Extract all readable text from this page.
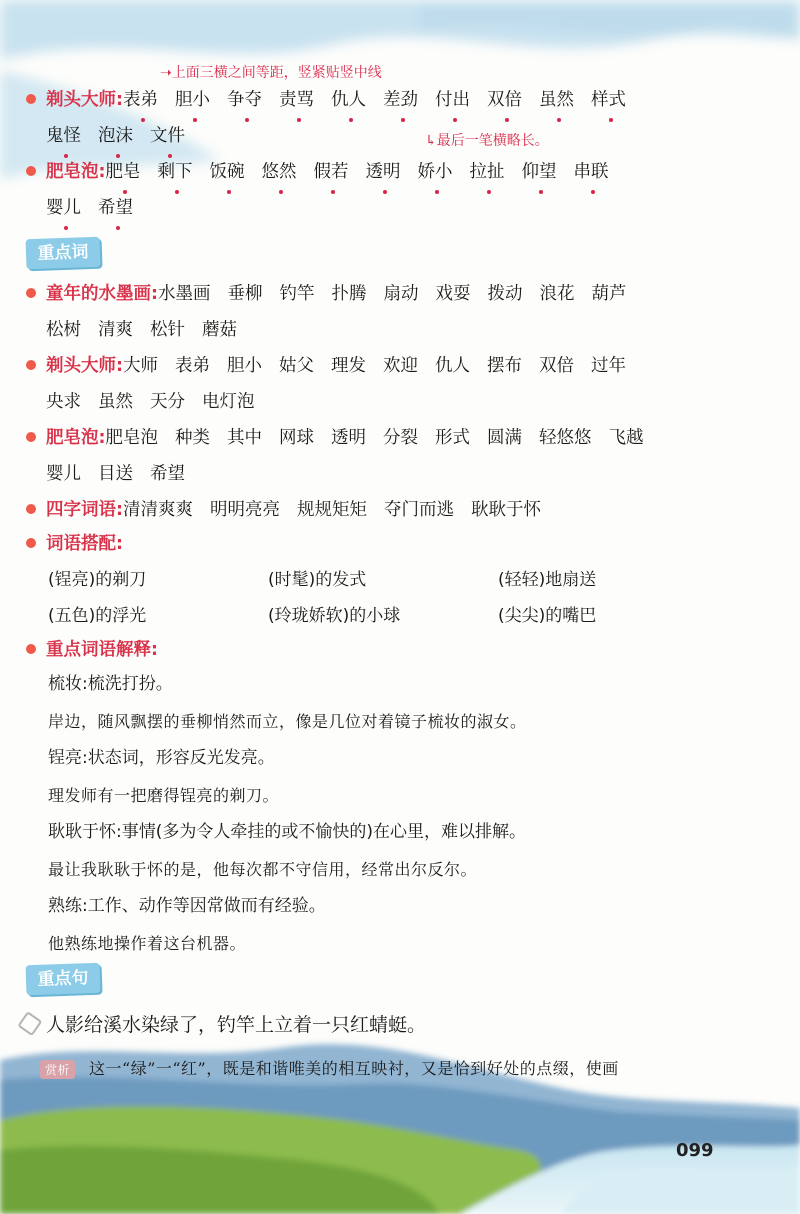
➝上面三横之间等距，竖紧贴竖中线
↳最后一笔横略长。
剃头大师: 表弟 胆小 争夺 责骂 仇人 差劲 付出 双倍 虽然 样式
鬼怪 泡沫 文件
肥皂泡: 肥皂 剩下 饭碗 悠然 假若 透明 娇小 拉扯 仰望 串联
婴儿 希望
重点词
童年的水墨画: 水墨画 垂柳 钓竿 扑腾 扇动 戏耍 拨动 浪花 葫芦
松树 清爽 松针 蘑菇
剃头大师: 大师 表弟 胆小 姑父 理发 欢迎 仇人 摆布 双倍 过年
央求 虽然 天分 电灯泡
肥皂泡: 肥皂泡 种类 其中 网球 透明 分裂 形式 圆满 轻悠悠 飞越
婴儿 目送 希望
四字词语: 清清爽爽 明明亮亮 规规矩矩 夺门而逃 耿耿于怀
词语搭配:
(锃亮)的剃刀	(时髦)的发式	(轻轻)地扇送
(五色)的浮光	(玲珑娇软)的小球	(尖尖)的嘴巴
重点词语解释:
梳妆:梳洗打扮。
岸边，随风飘摆的垂柳悄然而立，像是几位对着镜子梳妆的淑女。
锃亮:状态词，形容反光发亮。
理发师有一把磨得锃亮的剃刀。
耿耿于怀:事情(多为令人牵挂的或不愉快的)在心里，难以排解。
最让我耿耿于怀的是，他每次都不守信用，经常出尔反尔。
熟练:工作、动作等因常做而有经验。
他熟练地操作着这台机器。
重点句
人影给溪水染绿了，钓竿上立着一只红蜻蜓。
赏析 这一“绿”一“红”，既是和谐唯美的相互映衬，又是恰到好处的点缀，使画
099
